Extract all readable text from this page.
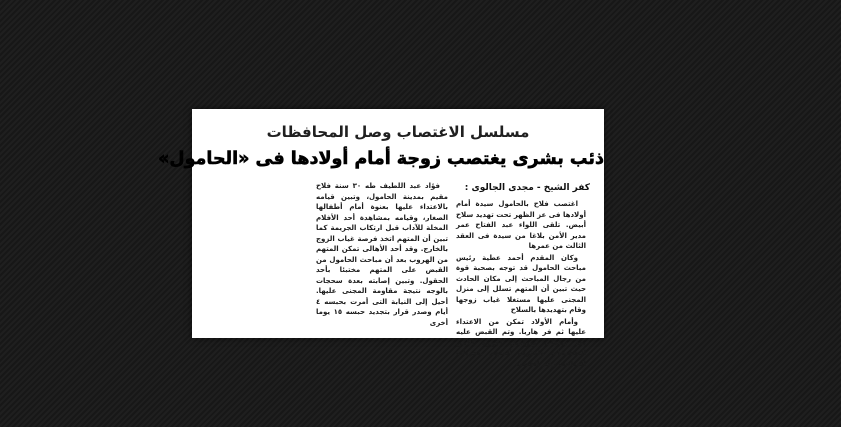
مسلسل الاغتصاب وصل المحافظات
ذئب بشرى يغتصب زوجة أمام أولادها فى «الحامول»
كفر الشيخ - مجدى الجالوى :

اغتصب فلاح بالحامول سيدة أمام أولادها فى عز الظهر تحت تهديد سلاح أبيض. تلقى اللواء عبد الفتاح عمر مدير الأمن بلاغا من سيدة فى العقد الثالث من عمرها

وكان المقدم أحمد عطية رئيس مباحث الحامول قد توجه بصحبة قوة من رجال المباحث إلى مكان الحادث حيث تبين أن المتهم تسلل إلى منزل المجنى عليها مستغلا غياب زوجها وقام بتهديدها بالسلاح

وأمام الأولاد تمكن من الاعتداء عليها ثم فر هاربا. وتم القبض عليه بعد ساعات وتواصل أجهزة الأمن التحقيقات واعترف المتهم بتحريات المباحث رقم القضية

فؤاد عبد اللطيف طه ٣٠ سنة فلاح مقيم بمدينة الحامول، وتبين قيامه بالاعتداء عليها بعنوة أمام أطفالها الصغار، وقيامه بمشاهدة أحد الأفلام المخلة للآداب قبل ارتكاب الجريمة كما تبين أن المتهم اتخذ فرصة غياب الزوج بالخارج. وقد أحد الأهالى تمكن المتهم من الهروب بعد أن مباحث الحامول من القبض على المتهم مختبئا بأحد الحقول. وتبين إصابته بعدة سحجات بالوجه نتيجة مقاومة المجنى عليها. أحيل إلى النيابة التى أمرت بحبسه ٤ أيام وصدر قرار بتجديد حبسه ١٥ يوما أخرى
